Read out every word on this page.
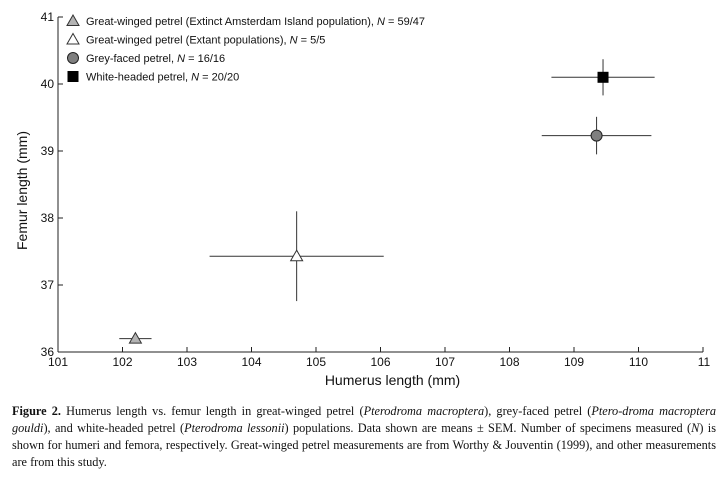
101	102	103	104	105	106	107	108	109	110	11
36
37
38
39
40
41	Great-winged petrel (Extinct Amsterdam Island population), N = 59/47
Great-winged petrel (Extant populations), N = 5/5
Grey-faced petrel, N = 16/16
White-headed petrel, N = 20/20
Humerus length (mm)
Femur length (mm)
Figure 2. Humerus length vs. femur length in great-winged petrel (Pterodroma macroptera), grey-faced petrel (Ptero-droma macroptera gouldi), and white-headed petrel (Pterodroma lessonii) populations. Data shown are means ± SEM. Number of specimens measured (N) is shown for humeri and femora, respectively. Great-winged petrel measurements are from Worthy & Jouventin (1999), and other measurements are from this study.
